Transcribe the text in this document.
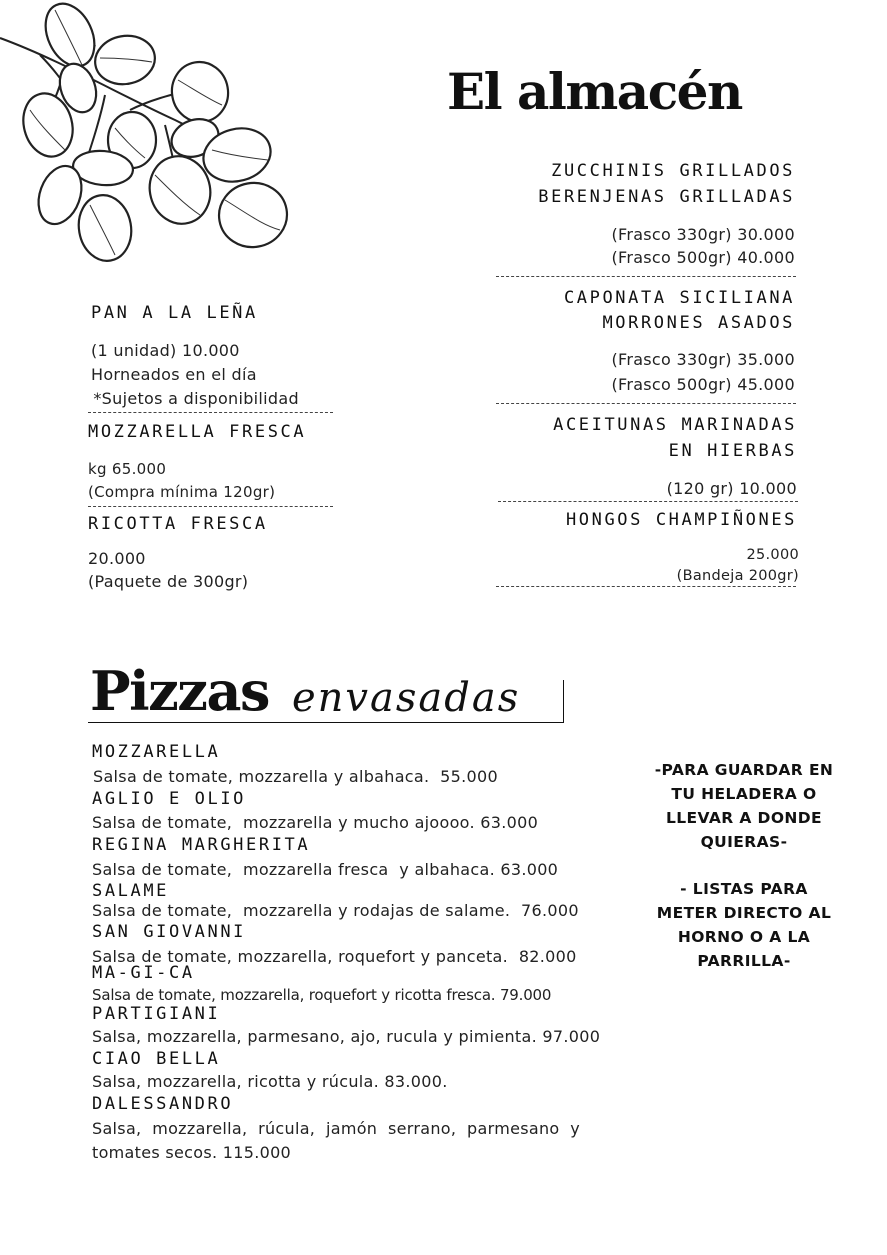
El almacén
ZUCCHINIS GRILLADOS
BERENJENAS GRILLADAS
(Frasco 330gr) 30.000
(Frasco 500gr) 40.000
CAPONATA SICILIANA
MORRONES ASADOS
(Frasco 330gr) 35.000
(Frasco 500gr) 45.000
ACEITUNAS MARINADAS
EN HIERBAS
(120 gr) 10.000
HONGOS CHAMPIÑONES
25.000
(Bandeja 200gr)
PAN A LA LEÑA
(1 unidad) 10.000
Horneados en el día
*Sujetos a disponibilidad
MOZZARELLA FRESCA
kg 65.000
(Compra mínima 120gr)
RICOTTA FRESCA
20.000
(Paquete de 300gr)
Pizzas envasadas
MOZZARELLA
Salsa de tomate, mozzarella y albahaca.  55.000
AGLIO E OLIO
Salsa de tomate,  mozzarella y mucho ajoooo. 63.000
REGINA MARGHERITA
Salsa de tomate,  mozzarella fresca  y albahaca. 63.000
SALAME
Salsa de tomate,  mozzarella y rodajas de salame.  76.000
SAN GIOVANNI
Salsa de tomate, mozzarella, roquefort y panceta.  82.000
MA-GI-CA
Salsa de tomate, mozzarella, roquefort y ricotta fresca. 79.000
PARTIGIANI
Salsa, mozzarella, parmesano, ajo, rucula y pimienta. 97.000
CIAO BELLA
Salsa, mozzarella, ricotta y rúcula. 83.000.
DALESSANDRO
Salsa,  mozzarella,  rúcula,  jamón  serrano,  parmesano  y
tomates secos. 115.000
-PARA GUARDAR EN
TU HELADERA O
LLEVAR A DONDE
QUIERAS-
- LISTAS PARA
METER DIRECTO AL
HORNO O A LA
PARRILLA-
